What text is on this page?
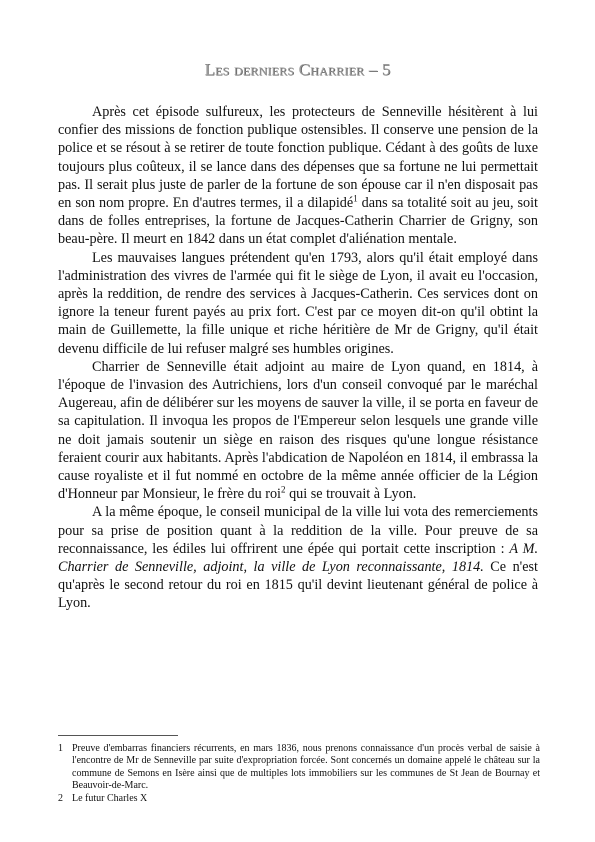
Les derniers Charrier – 5

Après cet épisode sulfureux, les protecteurs de Senneville hésitèrent à lui confier des missions de fonction publique ostensibles. Il conserve une pension de la police et se résout à se retirer de toute fonction publique. Cédant à des goûts de luxe toujours plus coûteux, il se lance dans des dépenses que sa fortune ne lui permettait pas. Il serait plus juste de parler de la fortune de son épouse car il n'en disposait pas en son nom propre. En d'autres termes, il a dilapidé$^1$ dans sa totalité soit au jeu, soit dans de folles entreprises, la fortune de Jacques-Catherin Charrier de Grigny, son beau-père. Il meurt en 1842 dans un état complet d'aliénation mentale.

Les mauvaises langues prétendent qu'en 1793, alors qu'il était employé dans l'administration des vivres de l'armée qui fit le siège de Lyon, il avait eu l'occasion, après la reddition, de rendre des services à Jacques-Catherin. Ces services dont on ignore la teneur furent payés au prix fort. C'est par ce moyen dit-on qu'il obtint la main de Guillemette, la fille unique et riche héritière de Mr de Grigny, qu'il était devenu difficile de lui refuser malgré ses humbles origines.

Charrier de Senneville était adjoint au maire de Lyon quand, en 1814, à l'époque de l'invasion des Autrichiens, lors d'un conseil convoqué par le maréchal Augereau, afin de délibérer sur les moyens de sauver la ville, il se porta en faveur de sa capitulation. Il invoqua les propos de l'Empereur selon lesquels une grande ville ne doit jamais soutenir un siège en raison des risques qu'une longue résistance feraient courir aux habitants. Après l'abdication de Napoléon en 1814, il embrassa la cause royaliste et il fut nommé en octobre de la même année officier de la Légion d'Honneur par Monsieur, le frère du roi$^2$ qui se trouvait à Lyon.

A la même époque, le conseil municipal de la ville lui vota des remerciements pour sa prise de position quant à la reddition de la ville. Pour preuve de sa reconnaissance, les édiles lui offrirent une épée qui portait cette inscription : A M. Charrier de Senneville, adjoint, la ville de Lyon reconnaissante, 1814. Ce n'est qu'après le second retour du roi en 1815 qu'il devint lieutenant général de police à Lyon.

1 Preuve d'embarras financiers récurrents, en mars 1836, nous prenons connaissance d'un procès verbal de saisie à l'encontre de Mr de Senneville par suite d'expropriation forcée. Sont concernés un domaine appelé le château sur la commune de Semons en Isère ainsi que de multiples lots immobiliers sur les communes de St Jean de Bournay et Beauvoir-de-Marc.
2 Le futur Charles X
